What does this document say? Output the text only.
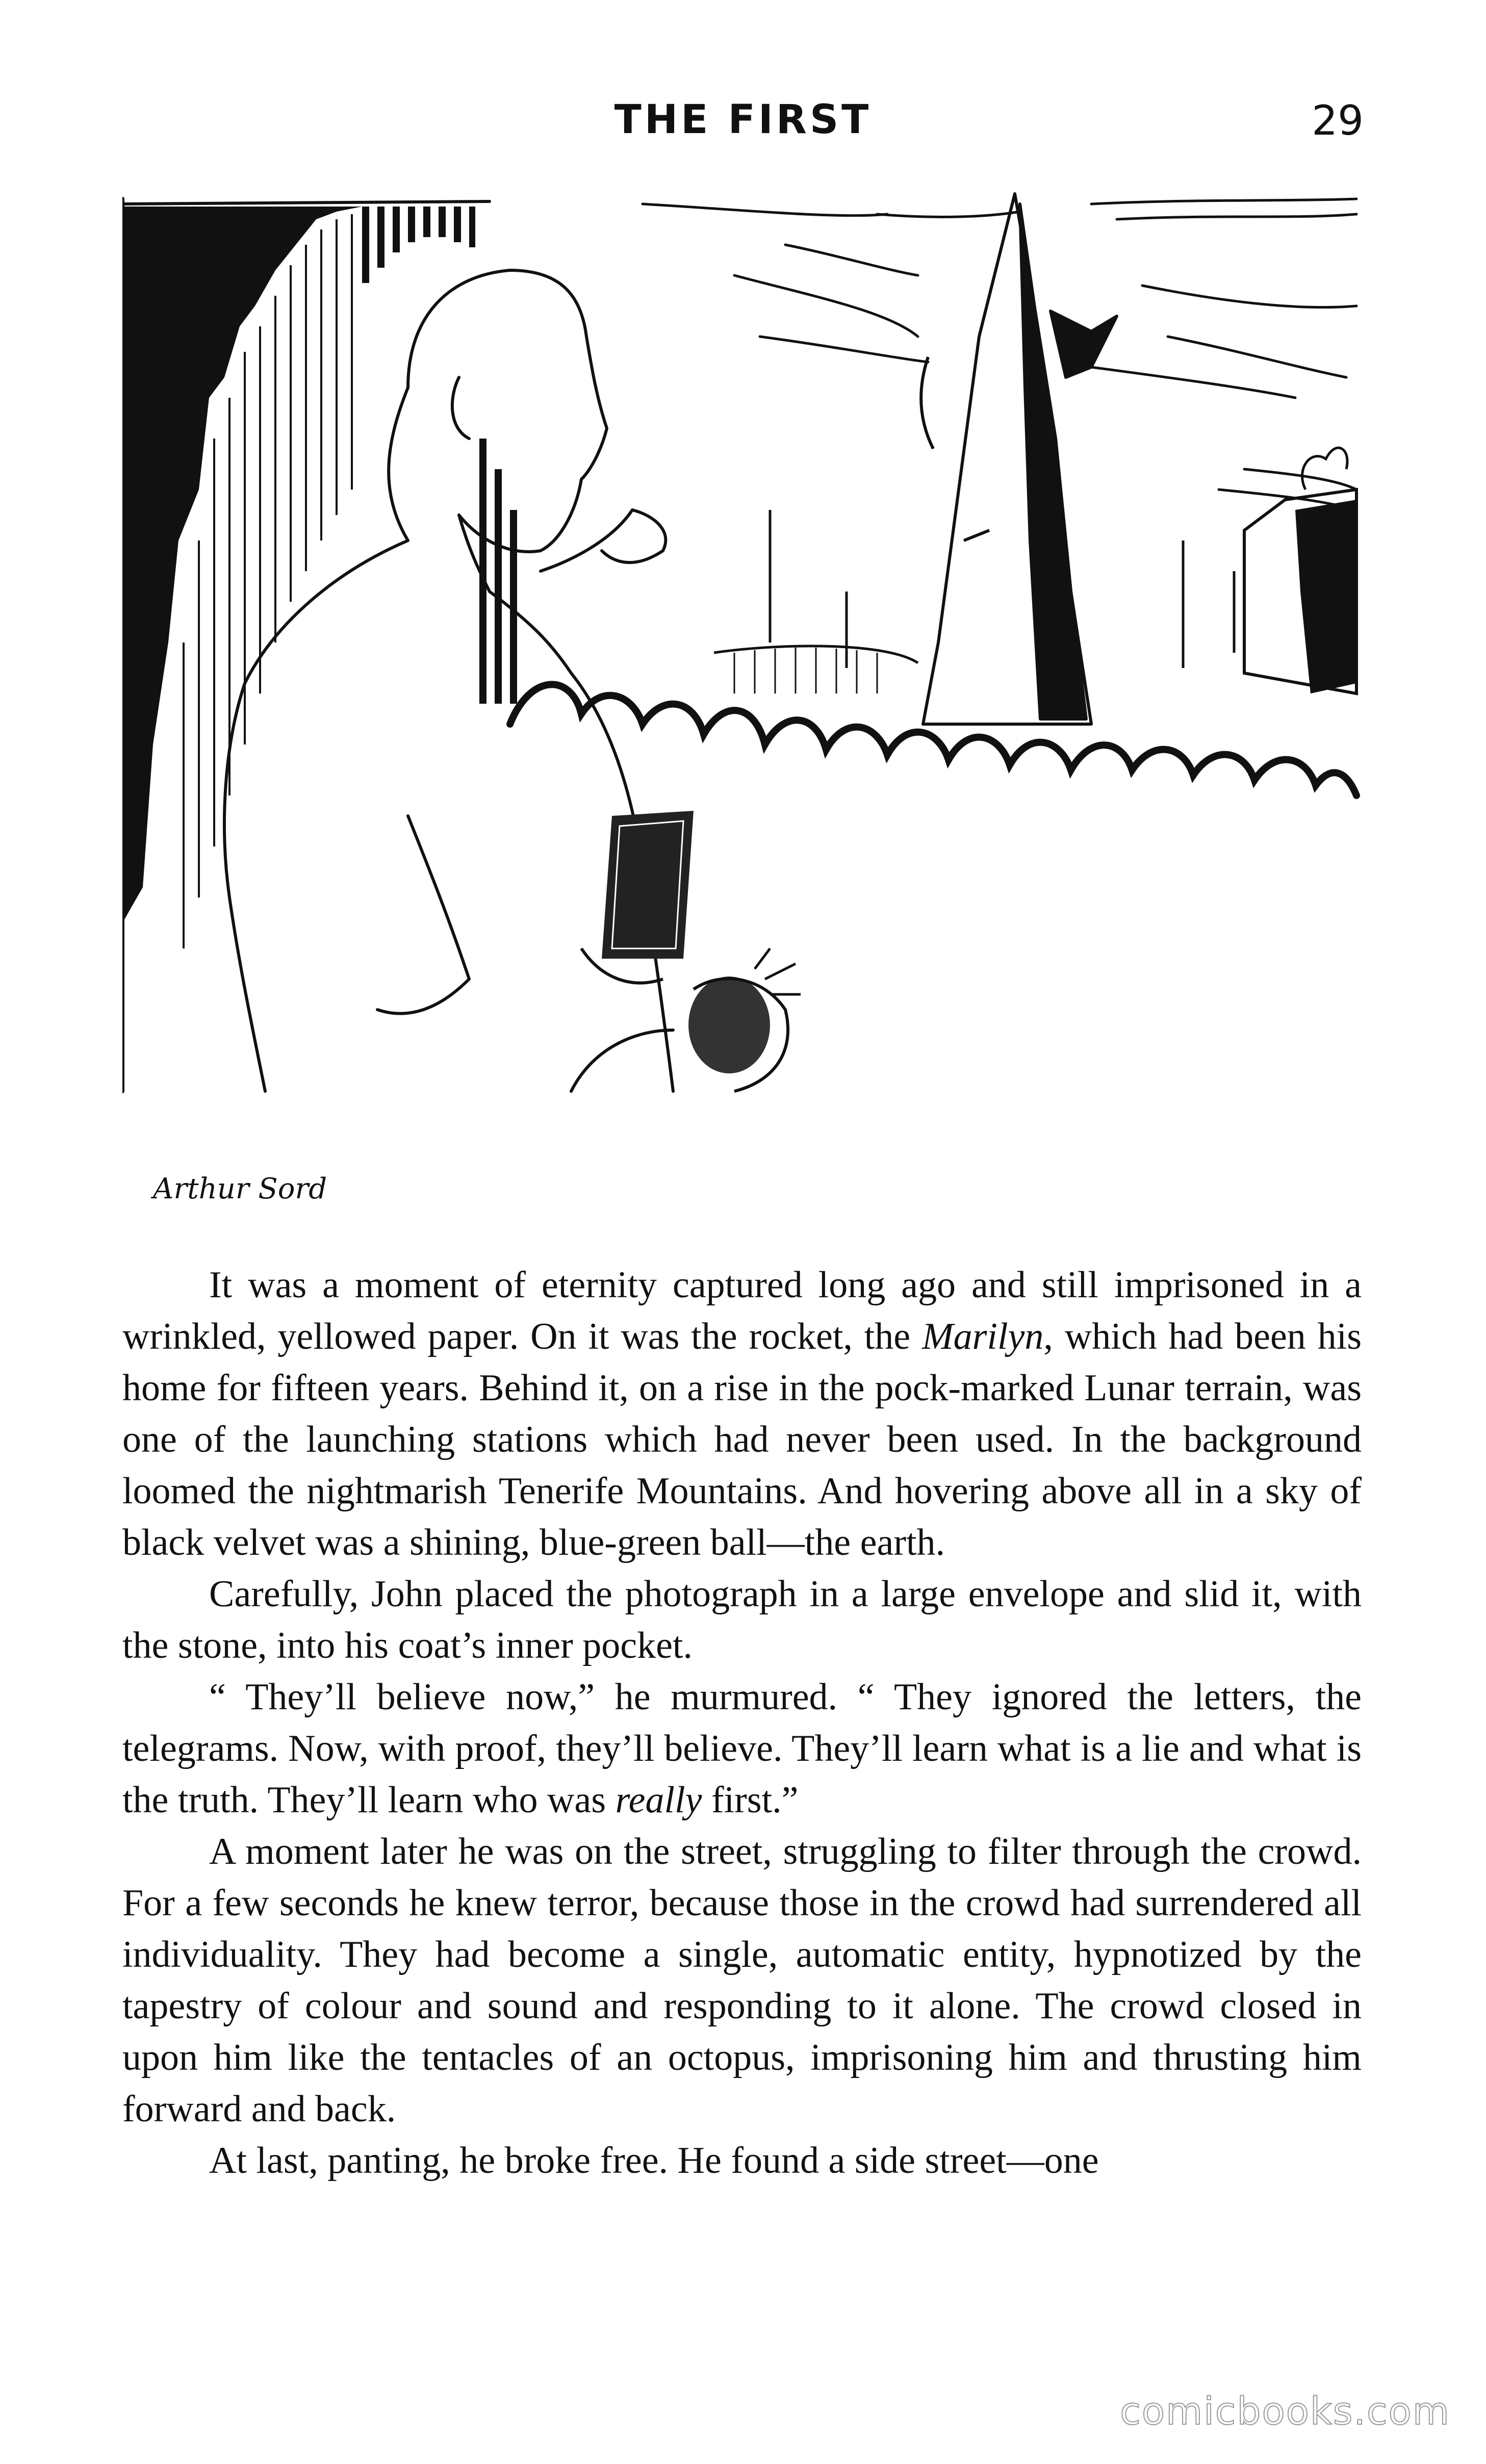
THE FIRST	29
Arthur Sord

It was a moment of eternity captured long ago and still imprisoned in a wrinkled, yellowed paper. On it was the rocket, the Marilyn, which had been his home for fifteen years. Behind it, on a rise in the pock-marked Lunar terrain, was one of the launching stations which had never been used. In the background loomed the nightmarish Tenerife Mountains. And hovering above all in a sky of black velvet was a shining, blue-green ball—the earth.

Carefully, John placed the photograph in a large envelope and slid it, with the stone, into his coat’s inner pocket.

“ They’ll believe now,” he murmured. “ They ignored the letters, the telegrams. Now, with proof, they’ll believe. They’ll learn what is a lie and what is the truth. They’ll learn who was really first.”

A moment later he was on the street, struggling to filter through the crowd. For a few seconds he knew terror, because those in the crowd had surrendered all individuality. They had become a single, automatic entity, hypnotized by the tapestry of colour and sound and responding to it alone. The crowd closed in upon him like the tentacles of an octopus, imprisoning him and thrusting him forward and back.

At last, panting, he broke free. He found a side street—one

comicbooks.com
